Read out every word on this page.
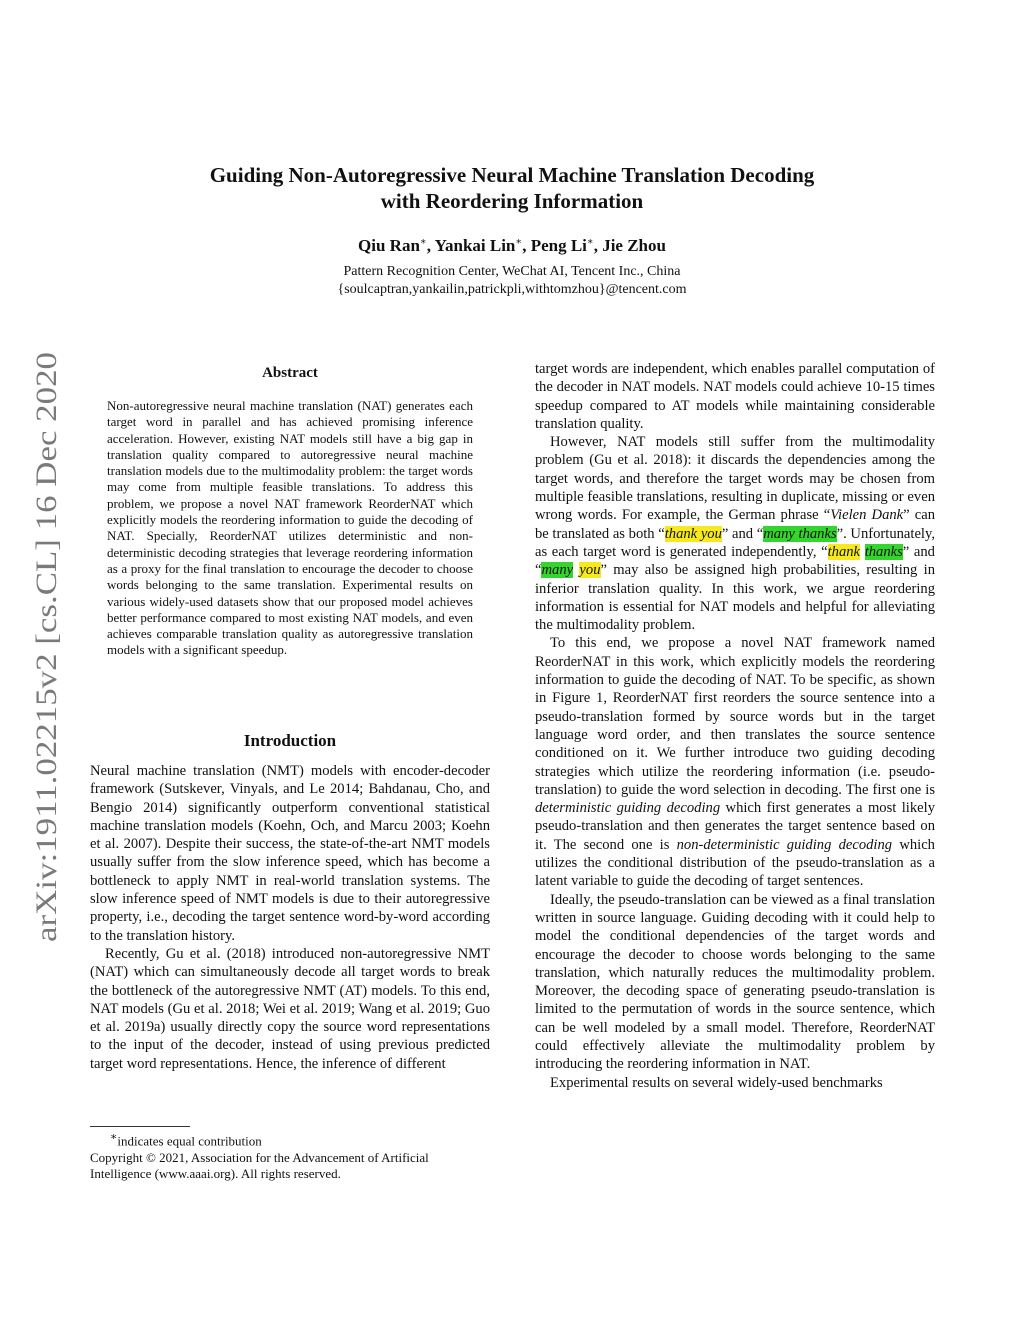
arXiv:1911.02215v2 [cs.CL] 16 Dec 2020
Guiding Non-Autoregressive Neural Machine Translation Decoding
with Reordering Information
Qiu Ran∗, Yankai Lin∗, Peng Li∗, Jie Zhou
Pattern Recognition Center, WeChat AI, Tencent Inc., China
{soulcaptran,yankailin,patrickpli,withtomzhou}@tencent.com
Abstract
Non-autoregressive neural machine translation (NAT) generates each target word in parallel and has achieved promising inference acceleration. However, existing NAT models still have a big gap in translation quality compared to autoregressive neural machine translation models due to the multimodality problem: the target words may come from multiple feasible translations. To address this problem, we propose a novel NAT framework ReorderNAT which explicitly models the reordering information to guide the decoding of NAT. Specially, ReorderNAT utilizes deterministic and non-deterministic decoding strategies that leverage reordering information as a proxy for the final translation to encourage the decoder to choose words belonging to the same translation. Experimental results on various widely-used datasets show that our proposed model achieves better performance compared to most existing NAT models, and even achieves comparable translation quality as autoregressive translation models with a significant speedup.
Introduction

Neural machine translation (NMT) models with encoder-decoder framework (Sutskever, Vinyals, and Le 2014; Bahdanau, Cho, and Bengio 2014) significantly outperform conventional statistical machine translation models (Koehn, Och, and Marcu 2003; Koehn et al. 2007). Despite their success, the state-of-the-art NMT models usually suffer from the slow inference speed, which has become a bottleneck to apply NMT in real-world translation systems. The slow inference speed of NMT models is due to their autoregressive property, i.e., decoding the target sentence word-by-word according to the translation history.

Recently, Gu et al. (2018) introduced non-autoregressive NMT (NAT) which can simultaneously decode all target words to break the bottleneck of the autoregressive NMT (AT) models. To this end, NAT models (Gu et al. 2018; Wei et al. 2019; Wang et al. 2019; Guo et al. 2019a) usually directly copy the source word representations to the input of the decoder, instead of using previous predicted target word representations. Hence, the inference of different

∗indicates equal contribution
Copyright © 2021, Association for the Advancement of Artificial Intelligence (www.aaai.org). All rights reserved.

target words are independent, which enables parallel computation of the decoder in NAT models. NAT models could achieve 10-15 times speedup compared to AT models while maintaining considerable translation quality.

However, NAT models still suffer from the multimodality problem (Gu et al. 2018): it discards the dependencies among the target words, and therefore the target words may be chosen from multiple feasible translations, resulting in duplicate, missing or even wrong words. For example, the German phrase “Vielen Dank” can be translated as both “thank you” and “many thanks”. Unfortunately, as each target word is generated independently, “thank thanks” and “many you” may also be assigned high probabilities, resulting in inferior translation quality. In this work, we argue reordering information is essential for NAT models and helpful for alleviating the multimodality problem.

To this end, we propose a novel NAT framework named ReorderNAT in this work, which explicitly models the reordering information to guide the decoding of NAT. To be specific, as shown in Figure 1, ReorderNAT first reorders the source sentence into a pseudo-translation formed by source words but in the target language word order, and then translates the source sentence conditioned on it. We further introduce two guiding decoding strategies which utilize the reordering information (i.e. pseudo-translation) to guide the word selection in decoding. The first one is deterministic guiding decoding which first generates a most likely pseudo-translation and then generates the target sentence based on it. The second one is non-deterministic guiding decoding which utilizes the conditional distribution of the pseudo-translation as a latent variable to guide the decoding of target sentences.

Ideally, the pseudo-translation can be viewed as a final translation written in source language. Guiding decoding with it could help to model the conditional dependencies of the target words and encourage the decoder to choose words belonging to the same translation, which naturally reduces the multimodality problem. Moreover, the decoding space of generating pseudo-translation is limited to the permutation of words in the source sentence, which can be well modeled by a small model. Therefore, ReorderNAT could effectively alleviate the multimodality problem by introducing the reordering information in NAT.

Experimental results on several widely-used benchmarks
